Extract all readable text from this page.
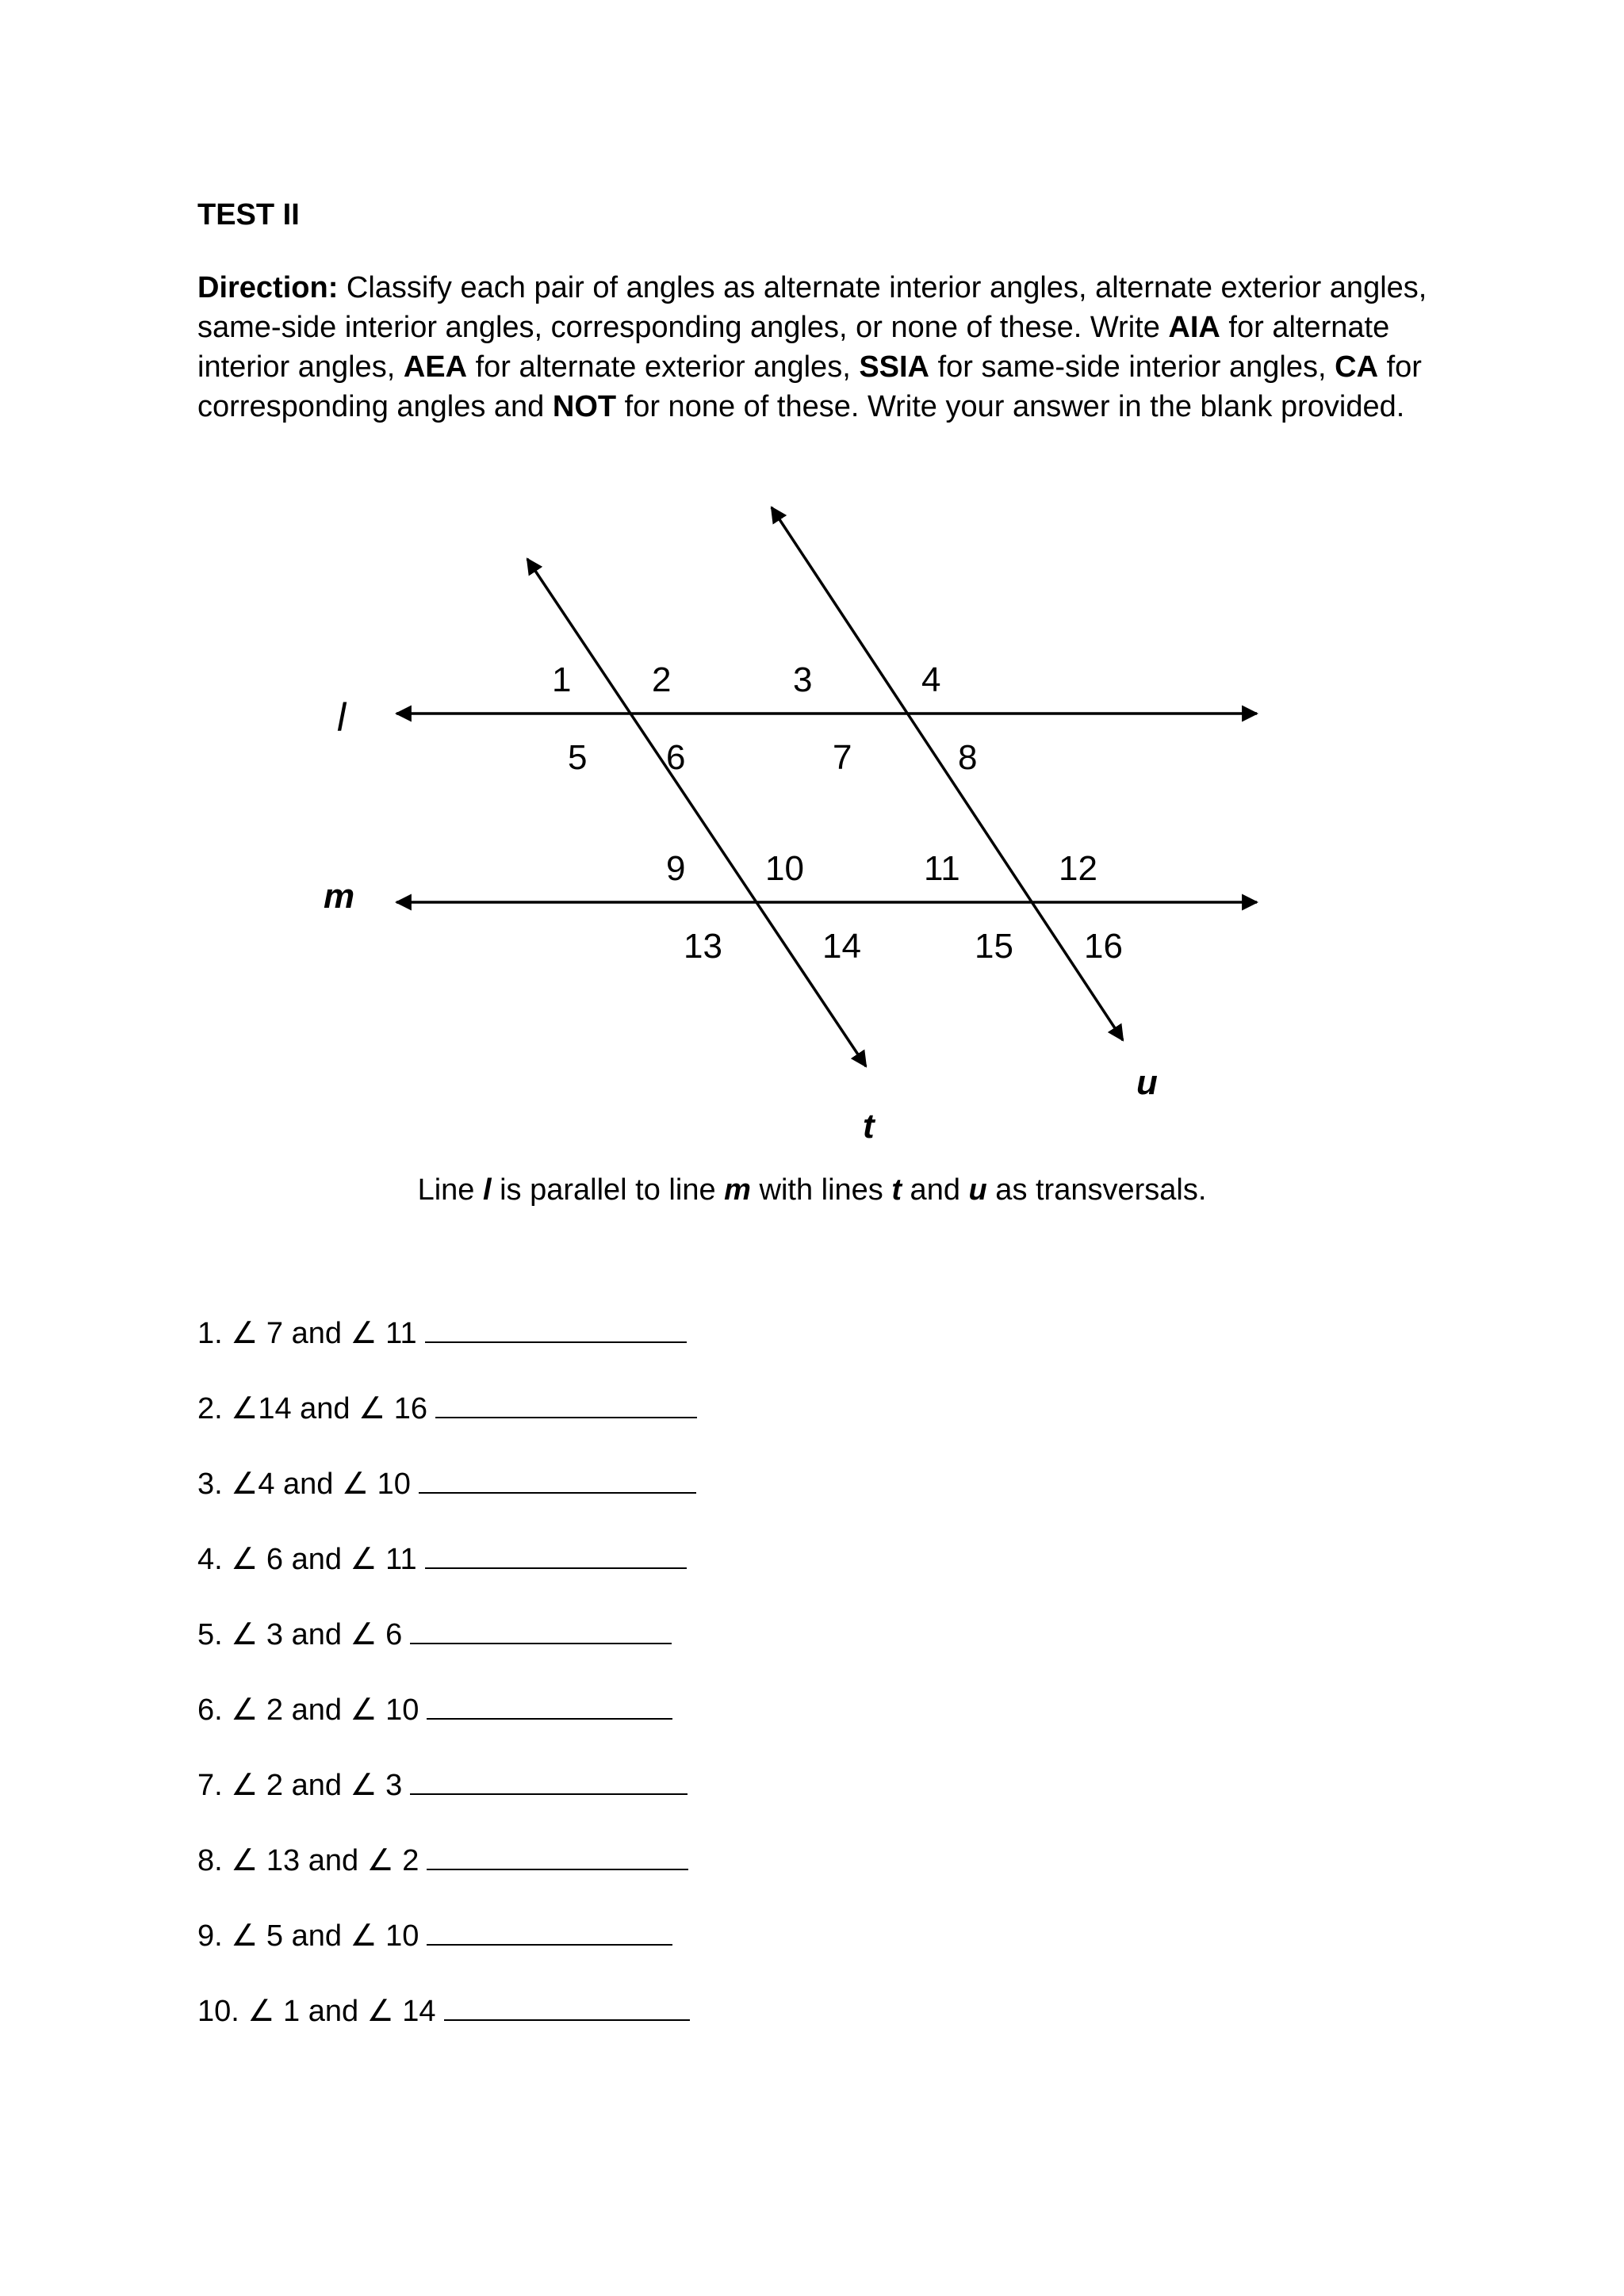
TEST II

Direction: Classify each pair of angles as alternate interior angles, alternate exterior angles, same-side interior angles, corresponding angles, or none of these. Write AIA for alternate interior angles, AEA for alternate exterior angles, SSIA for same-side interior angles, CA for corresponding angles and NOT for none of these. Write your answer in the blank provided.

l
m
t
u
1 2	3	4
5 6	7	8
9 10	11	12
13	14	15 16

Line l is parallel to line m with lines t and u as transversals.

1. ∠ 7 and ∠ 11
2. ∠14 and ∠ 16
3. ∠4 and ∠ 10
4. ∠ 6 and ∠ 11
5. ∠ 3 and ∠ 6
6. ∠ 2 and ∠ 10
7. ∠ 2 and ∠ 3
8. ∠ 13 and ∠ 2
9. ∠ 5 and ∠ 10
10. ∠ 1 and ∠ 14
